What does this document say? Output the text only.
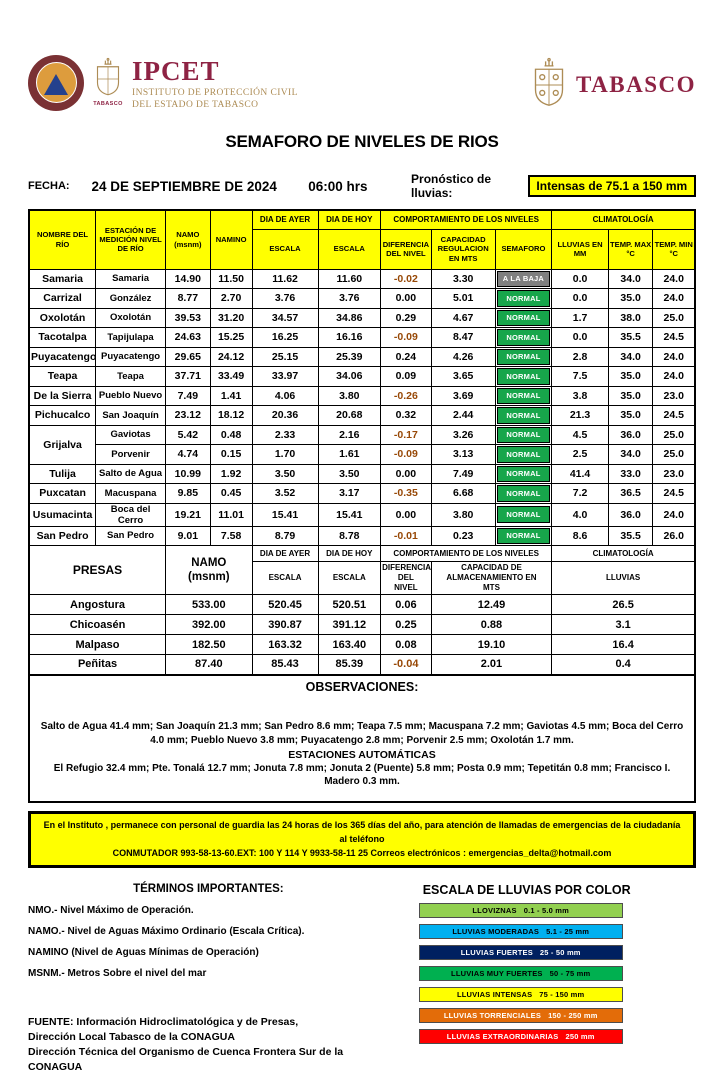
TABASCO
IPCET
INSTITUTO DE PROTECCIÓN CIVIL
DEL ESTADO DE TABASCO
TABASCO
SEMAFORO DE NIVELES DE RIOS
FECHA:	24 DE SEPTIEMBRE DE 2024	06:00 hrs	Pronóstico de lluvias:	Intensas de 75.1 a 150 mm
NOMBRE DEL RÍO	ESTACIÓN DE
MEDICIÓN NIVEL
DE RÍO	NAMO
(msnm)	NAMINO	DIA DE AYER	DIA DE HOY	COMPORTAMIENTO DE LOS NIVELES			CLIMATOLOGÍA		
				ESCALA	ESCALA	DIFERENCIA
DEL NIVEL	CAPACIDAD
REGULACION
EN MTS	SEMAFORO	LLUVIAS EN
MM	TEMP. MAX
°C	TEMP. MIN
°C
Samaria	Samaria	14.90	11.50	11.62	11.60	-0.02	3.30	A LA BAJA	0.0	34.0	24.0
Carrizal	González	8.77	2.70	3.76	3.76	0.00	5.01	NORMAL	0.0	35.0	24.0
Oxolotán	Oxolotán	39.53	31.20	34.57	34.86	0.29	4.67	NORMAL	1.7	38.0	25.0
Tacotalpa	Tapijulapa	24.63	15.25	16.25	16.16	-0.09	8.47	NORMAL	0.0	35.5	24.5
Puyacatengo	Puyacatengo	29.65	24.12	25.15	25.39	0.24	4.26	NORMAL	2.8	34.0	24.0
Teapa	Teapa	37.71	33.49	33.97	34.06	0.09	3.65	NORMAL	7.5	35.0	24.0
De la Sierra	Pueblo Nuevo	7.49	1.41	4.06	3.80	-0.26	3.69	NORMAL	3.8	35.0	23.0
Pichucalco	San Joaquín	23.12	18.12	20.36	20.68	0.32	2.44	NORMAL	21.3	35.0	24.5
Grijalva	Gaviotas	5.42	0.48	2.33	2.16	-0.17	3.26	NORMAL	4.5	36.0	25.0
	Porvenir	4.74	0.15	1.70	1.61	-0.09	3.13	NORMAL	2.5	34.0	25.0
Tulija	Salto de Agua	10.99	1.92	3.50	3.50	0.00	7.49	NORMAL	41.4	33.0	23.0
Puxcatan	Macuspana	9.85	0.45	3.52	3.17	-0.35	6.68	NORMAL	7.2	36.5	24.5
Usumacinta	Boca del Cerro	19.21	11.01	15.41	15.41	0.00	3.80	NORMAL	4.0	36.0	24.0
San Pedro	San Pedro	9.01	7.58	8.79	8.78	-0.01	0.23	NORMAL	8.6	35.5	26.0
PRESAS		NAMO
(msnm)		DIA DE AYER	DIA DE HOY	COMPORTAMIENTO DE LOS NIVELES			CLIMATOLOGÍA		
				ESCALA	ESCALA	DIFERENCIA DEL
NIVEL	CAPACIDAD DE ALMACENAMIENTO EN
MTS		LLUVIAS		
Angostura		533.00		520.45	520.51	0.06	12.49		26.5		
Chicoasén		392.00		390.87	391.12	0.25	0.88		3.1		
Malpaso		182.50		163.32	163.40	0.08	19.10		16.4		
Peñitas		87.40		85.43	85.39	-0.04	2.01		0.4		
OBSERVACIONES:
Salto de Agua 41.4 mm; San Joaquín 21.3 mm; San Pedro 8.6 mm; Teapa 7.5 mm; Macuspana 7.2 mm; Gaviotas 4.5 mm; Boca del Cerro 4.0 mm; Pueblo Nuevo 3.8 mm; Puyacatengo 2.8 mm; Porvenir 2.5 mm; Oxolotán 1.7 mm.
ESTACIONES AUTOMÁTICAS
El Refugio 32.4 mm; Pte. Tonalá 12.7 mm; Jonuta 7.8 mm; Jonuta 2 (Puente) 5.8 mm; Posta 0.9 mm; Tepetitán 0.8 mm; Francisco I. Madero 0.3 mm.
En el Instituto , permanece con personal de guardia las 24 horas de los 365 días del año, para atención de llamadas de emergencias de la ciudadanía al teléfono
CONMUTADOR 993-58-13-60.EXT: 100 Y 114 Y 9933-58-11 25 Correos electrónicos : emergencias_delta@hotmail.com
TÉRMINOS IMPORTANTES:
NMO.- Nivel Máximo de Operación.
NAMO.- Nivel de Aguas Máximo Ordinario (Escala Crítica).
NAMINO (Nivel de Aguas Mínimas de Operación)
MSNM.- Metros Sobre el nivel del mar
FUENTE: Información Hidroclimatológica y de Presas,
Dirección Local Tabasco de la CONAGUA
Dirección Técnica del Organismo de Cuenca Frontera Sur de la CONAGUA
ESCALA DE LLUVIAS POR COLOR
LLOVIZNAS 0.1 - 5.0 mm
LLUVIAS MODERADAS 5.1 - 25 mm
LLUVIAS FUERTES 25 - 50 mm
LLUVIAS MUY FUERTES 50 - 75 mm
LLUVIAS INTENSAS 75 - 150 mm
LLUVIAS TORRENCIALES 150 - 250 mm
LLUVIAS EXTRAORDINARIAS 250 mm
